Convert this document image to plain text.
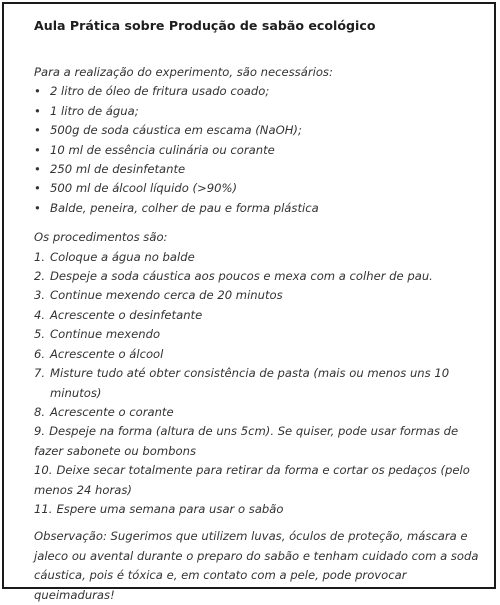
Aula Prática sobre Produção de sabão ecológico
Para a realização do experimento, são necessários:
• 2 litro de óleo de fritura usado coado;
• 1 litro de água;
• 500g de soda cáustica em escama (NaOH);
• 10 ml de essência culinária ou corante
• 250 ml de desinfetante
• 500 ml de álcool líquido (>90%)
• Balde, peneira, colher de pau e forma plástica
Os procedimentos são:
1. Coloque a água no balde
2. Despeje a soda cáustica aos poucos e mexa com a colher de pau.
3. Continue mexendo cerca de 20 minutos
4. Acrescente o desinfetante
5. Continue mexendo
6. Acrescente o álcool
7. Misture tudo até obter consistência de pasta (mais ou menos uns 10 minutos)
8. Acrescente o corante
9. Despeje na forma (altura de uns 5cm). Se quiser, pode usar formas de fazer sabonete ou bombons
10. Deixe secar totalmente para retirar da forma e cortar os pedaços (pelo menos 24 horas)
11. Espere uma semana para usar o sabão
Observação: Sugerimos que utilizem luvas, óculos de proteção, máscara e jaleco ou avental durante o preparo do sabão e tenham cuidado com a soda cáustica, pois é tóxica e, em contato com a pele, pode provocar queimaduras!
